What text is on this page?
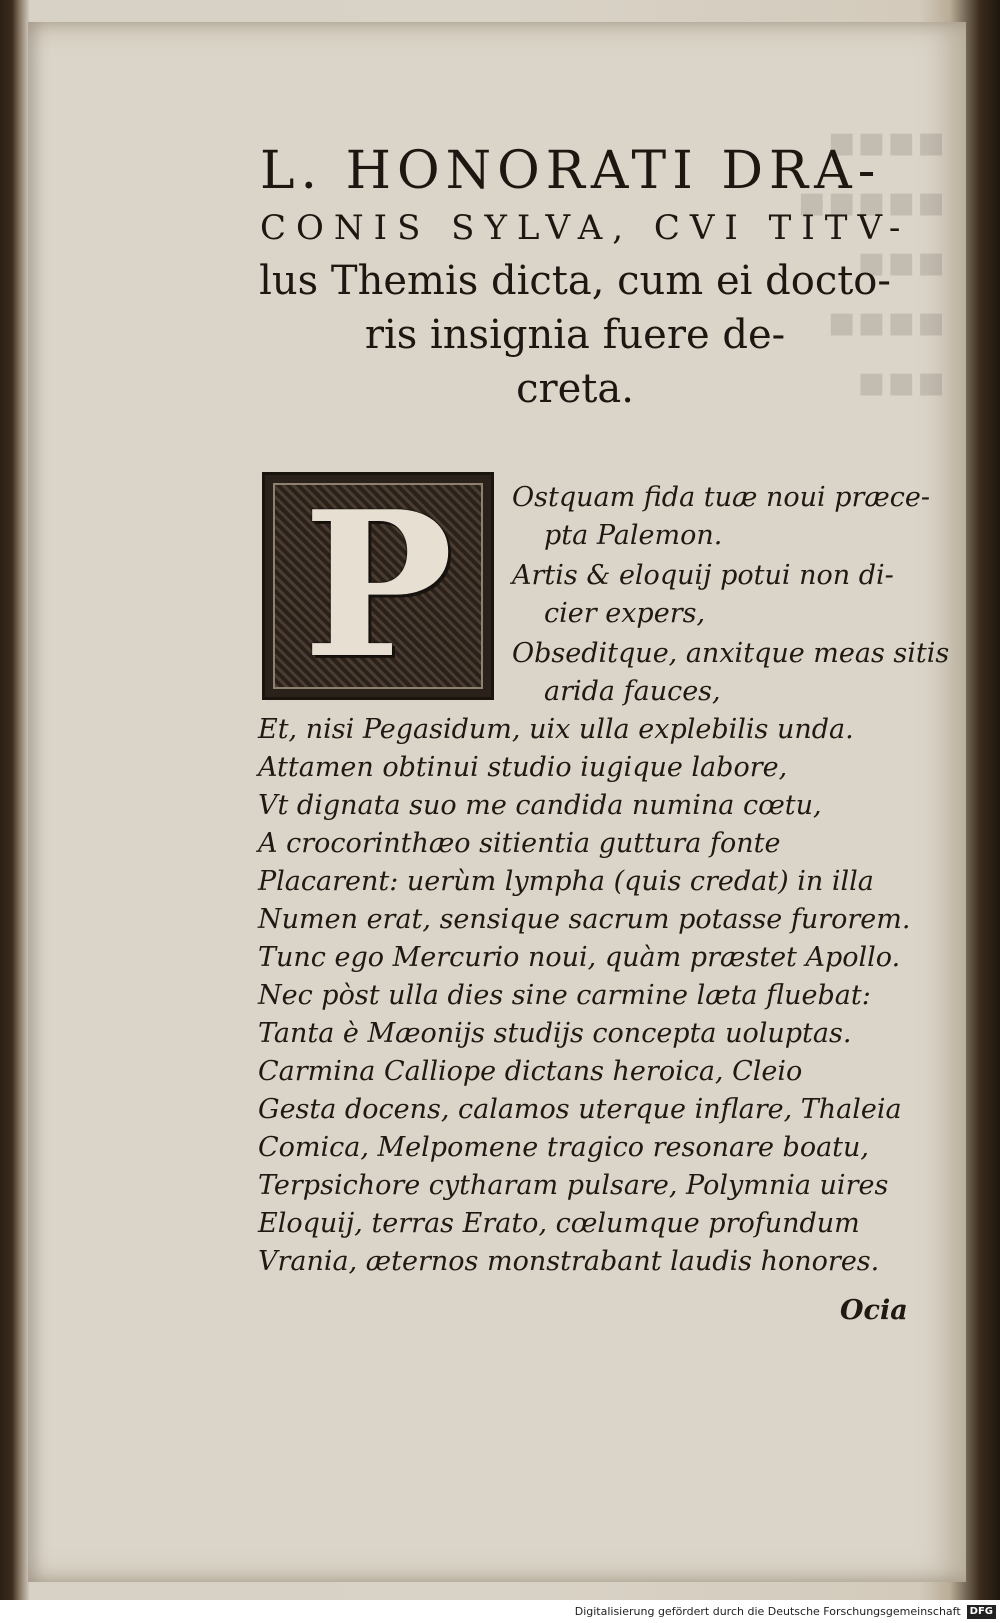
▪▪▪▪
▪▪▪▪▪
▪▪▪
▪▪▪▪
▪▪▪
L. HONORATI DRA-
CONIS SYLVA, CVI TITV-
lus Themis dicta, cum ei docto-
ris insignia fuere de-
creta.
P Ostquam fida tuæ noui præce-
pta Palemon.
Artis & eloquij potui non di-
cier expers,
Obseditque, anxitque meas sitis
arida fauces,
Et, nisi Pegasidum, uix ulla explebilis unda.
Attamen obtinui studio iugique labore,
Vt dignata suo me candida numina cœtu,
A crocorinthæo sitientia guttura fonte
Placarent: uerùm lympha (quis credat) in illa
Numen erat, sensique sacrum potasse furorem.
Tunc ego Mercurio noui, quàm præstet Apollo.
Nec pòst ulla dies sine carmine læta fluebat:
Tanta è Mæonijs studijs concepta uoluptas.
Carmina Calliope dictans heroica, Cleio
Gesta docens, calamos uterque inflare, Thaleia
Comica, Melpomene tragico resonare boatu,
Terpsichore cytharam pulsare, Polymnia uires
Eloquij, terras Erato, cœlumque profundum
Vrania, æternos monstrabant laudis honores.
Ocia
Digitalisierung gefördert durch die Deutsche Forschungsgemeinschaft DFG
